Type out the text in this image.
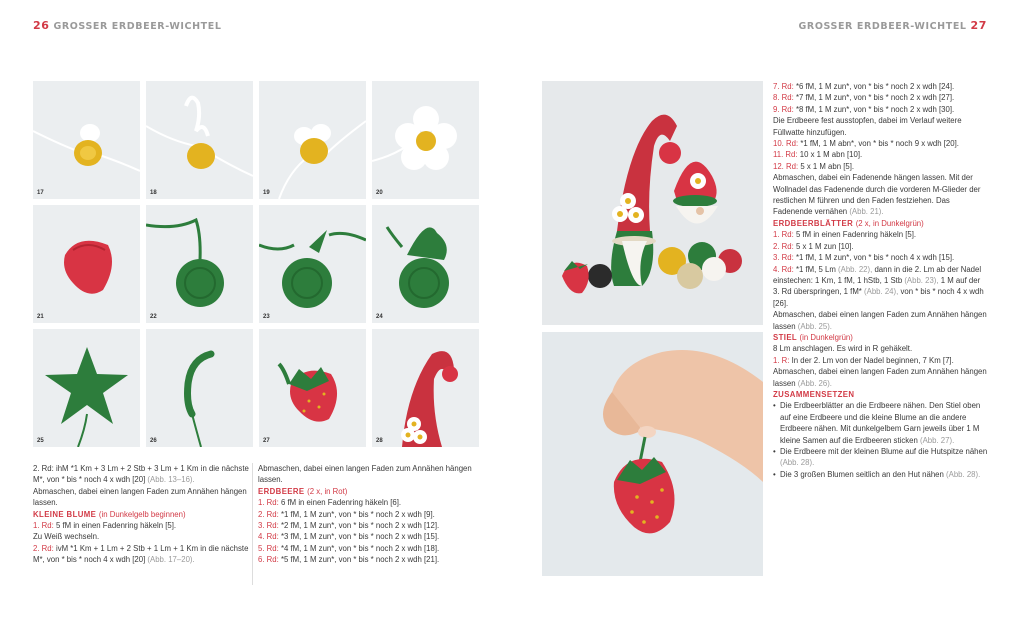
26 GROSSER ERDBEER-WICHTEL	GROSSER ERDBEER-WICHTEL 27
17	18	19	20
21	22	23	24
25	26	27	28

2. Rd: ihM *1 Km + 3 Lm + 2 Stb + 3 Lm + 1 Km in die nächste M*, von * bis * noch 4 x wdh [20] (Abb. 13–16).

Abmaschen, dabei einen langen Faden zum Annähen hängen lassen.

KLEINE BLUME (in Dunkelgelb beginnen)

1. Rd: 5 fM in einen Fadenring häkeln [5].

Zu Weiß wechseln.

2. Rd: ivM *1 Km + 1 Lm + 2 Stb + 1 Lm + 1 Km in die nächste M*, von * bis * noch 4 x wdh [20] (Abb. 17–20).

Abmaschen, dabei einen langen Faden zum Annähen hängen lassen.

ERDBEERE (2 x, in Rot)

1. Rd: 6 fM in einen Fadenring häkeln [6].

2. Rd: *1 fM, 1 M zun*, von * bis * noch 2 x wdh [9].

3. Rd: *2 fM, 1 M zun*, von * bis * noch 2 x wdh [12].

4. Rd: *3 fM, 1 M zun*, von * bis * noch 2 x wdh [15].

5. Rd: *4 fM, 1 M zun*, von * bis * noch 2 x wdh [18].

6. Rd: *5 fM, 1 M zun*, von * bis * noch 2 x wdh [21].

7. Rd: *6 fM, 1 M zun*, von * bis * noch 2 x wdh [24].

8. Rd: *7 fM, 1 M zun*, von * bis * noch 2 x wdh [27].

9. Rd: *8 fM, 1 M zun*, von * bis * noch 2 x wdh [30].

Die Erdbeere fest ausstopfen, dabei im Verlauf weitere Füllwatte hinzufügen.

10. Rd: *1 fM, 1 M abn*, von * bis * noch 9 x wdh [20].

11. Rd: 10 x 1 M abn [10].

12. Rd: 5 x 1 M abn [5].

Abmaschen, dabei ein Fadenende hängen lassen. Mit der Wollnadel das Fadenende durch die vorderen M-Glieder der restlichen M führen und den Faden festziehen. Das Fadenende vernähen (Abb. 21).

ERDBEERBLÄTTER (2 x, in Dunkelgrün)

1. Rd: 5 fM in einen Fadenring häkeln [5].

2. Rd: 5 x 1 M zun [10].

3. Rd: *1 fM, 1 M zun*, von * bis * noch 4 x wdh [15].

4. Rd: *1 fM, 5 Lm (Abb. 22), dann in die 2. Lm ab der Nadel einstechen: 1 Km, 1 fM, 1 hStb, 1 Stb (Abb. 23), 1 M auf der 3. Rd überspringen, 1 fM* (Abb. 24), von * bis * noch 4 x wdh [26].

Abmaschen, dabei einen langen Faden zum Annähen hängen lassen (Abb. 25).

STIEL (in Dunkelgrün)

8 Lm anschlagen. Es wird in R gehäkelt.

1. R: In der 2. Lm von der Nadel beginnen, 7 Km [7].

Abmaschen, dabei einen langen Faden zum Annähen hängen lassen (Abb. 26).

ZUSAMMENSETZEN

• Die Erdbeerblätter an die Erdbeere nähen. Den Stiel oben auf eine Erdbeere und die kleine Blume an die andere Erdbeere nähen. Mit dunkelgelbem Garn jeweils über 1 M kleine Samen auf die Erdbeeren sticken (Abb. 27).
• Die Erdbeere mit der kleinen Blume auf die Hutspitze nähen (Abb. 28).
• Die 3 großen Blumen seitlich an den Hut nähen (Abb. 28).
